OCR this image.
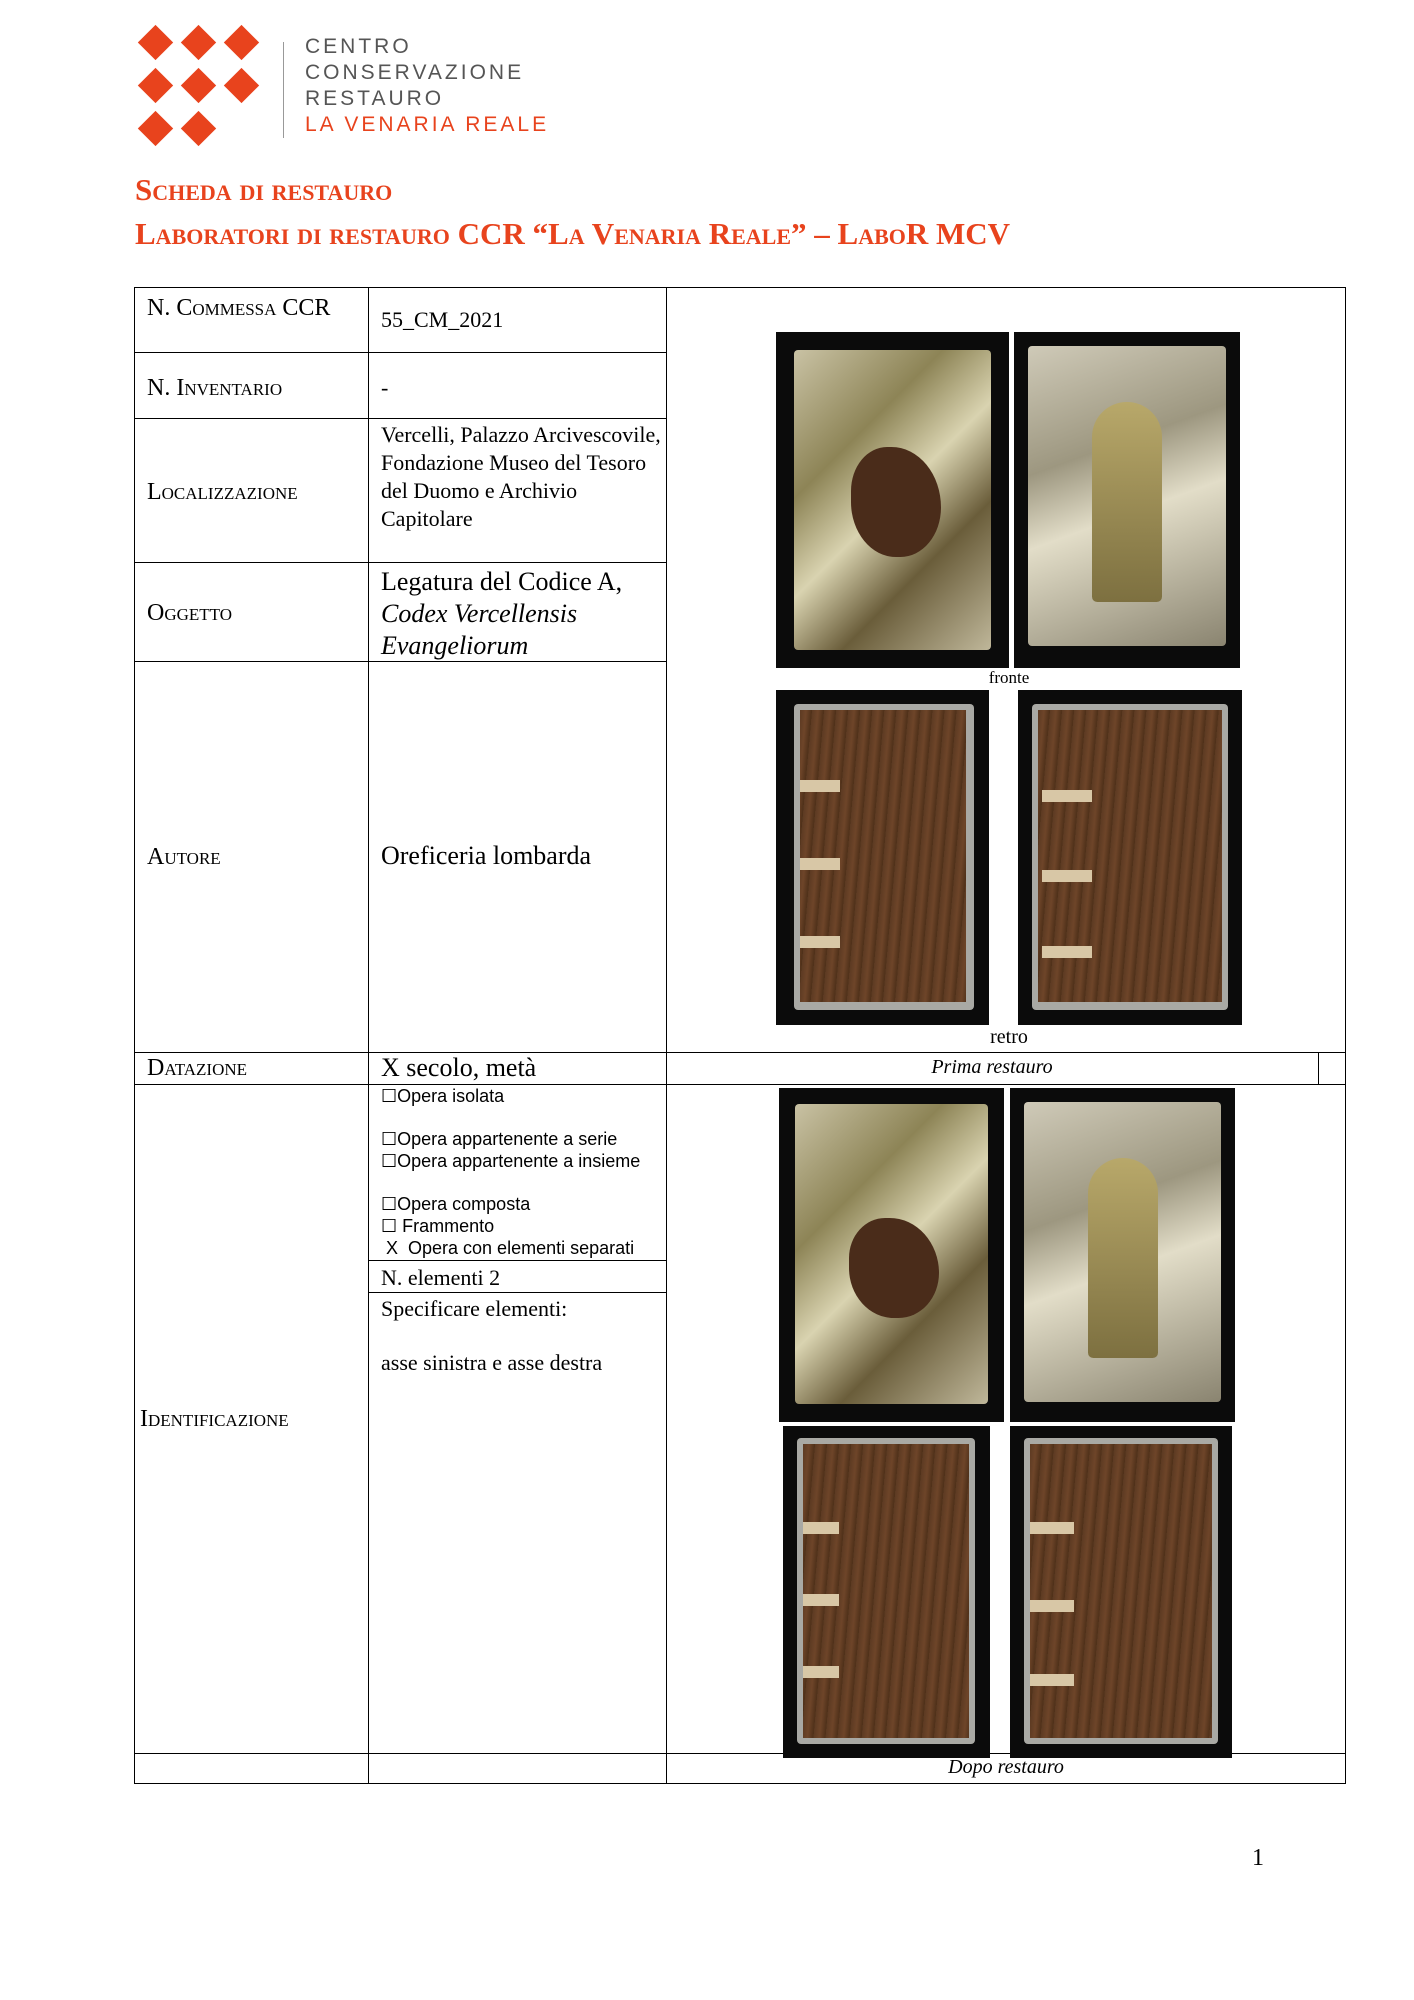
CENTRO
CONSERVAZIONE
RESTAURO
LA VENARIA REALE
Scheda di restauro
Laboratori di restauro CCR “La Venaria Reale” – LaboR MCV
N. Commessa CCR
N. Inventario
Localizzazione
Oggetto
Autore
Datazione
Identificazione
55_CM_2021
-
Vercelli, Palazzo Arcivescovile, Fondazione Museo del Tesoro del Duomo e Archivio Capitolare
Legatura del Codice A,
Codex Vercellensis Evangeliorum
Oreficeria lombarda
X secolo, metà
☐Opera isolata
☐Opera appartenente a serie
☐Opera appartenente a insieme
☐Opera composta
☐ Frammento
X  Opera con elementi separati
N. elementi 2
Specificare elementi:
asse sinistra e asse destra
fronte
retro
Prima restauro
Dopo restauro
1
